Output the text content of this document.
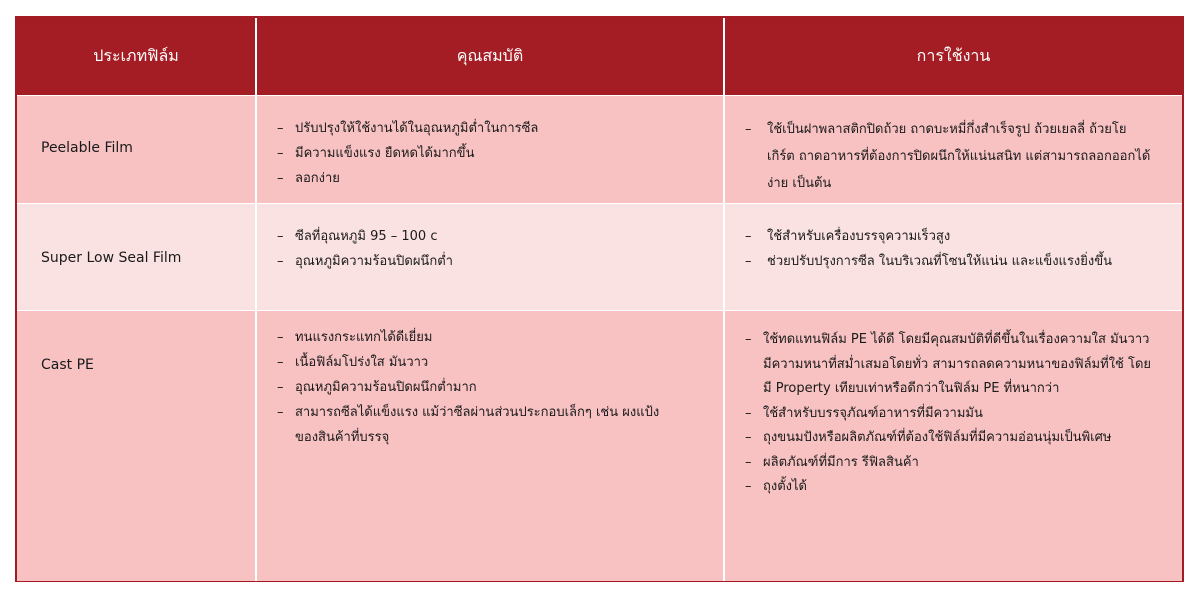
ประเภทฟิล์ม	คุณสมบัติ	การใช้งาน
Peelable Film
– ปรับปรุงให้ใช้งานได้ในอุณหภูมิต่ำในการซีล
– มีความแข็งแรง ยืดหดได้มากขึ้น
– ลอกง่าย
– ใช้เป็นฝาพลาสติกปิดถ้วย ถาดบะหมี่กึ่งสำเร็จรูป ถ้วยเยลลี่ ถ้วยโยเกิร์ต ถาดอาหารที่ต้องการปิดผนึกให้แน่นสนิท แต่สามารถลอกออกได้ง่าย เป็นต้น
Super Low Seal Film
– ซีลที่อุณหภูมิ 95 – 100 c
– อุณหภูมิความร้อนปิดผนึกต่ำ
– ใช้สำหรับเครื่องบรรจุความเร็วสูง
– ช่วยปรับปรุงการซีล ในบริเวณที่โซนให้แน่น และแข็งแรงยิ่งขึ้น
Cast PE
– ทนแรงกระแทกได้ดีเยี่ยม
– เนื้อฟิล์มโปร่งใส มันวาว
– อุณหภูมิความร้อนปิดผนึกต่ำมาก
– สามารถซีลได้แข็งแรง แม้ว่าซีลผ่านส่วนประกอบเล็กๆ เช่น ผงแป้งของสินค้าที่บรรจุ
– ใช้ทดแทนฟิล์ม PE ได้ดี โดยมีคุณสมบัติที่ดีขึ้นในเรื่องความใส มันวาว มีความหนาที่สม่ำเสมอโดยทั่ว สามารถลดความหนาของฟิล์มที่ใช้ โดยมี Property เทียบเท่าหรือดีกว่าในฟิล์ม PE ที่หนากว่า
– ใช้สำหรับบรรจุภัณฑ์อาหารที่มีความมัน
– ถุงขนมปังหรือผลิตภัณฑ์ที่ต้องใช้ฟิล์มที่มีความอ่อนนุ่มเป็นพิเศษ
– ผลิตภัณฑ์ที่มีการ รีฟิลสินค้า
– ถุงตั้งได้
